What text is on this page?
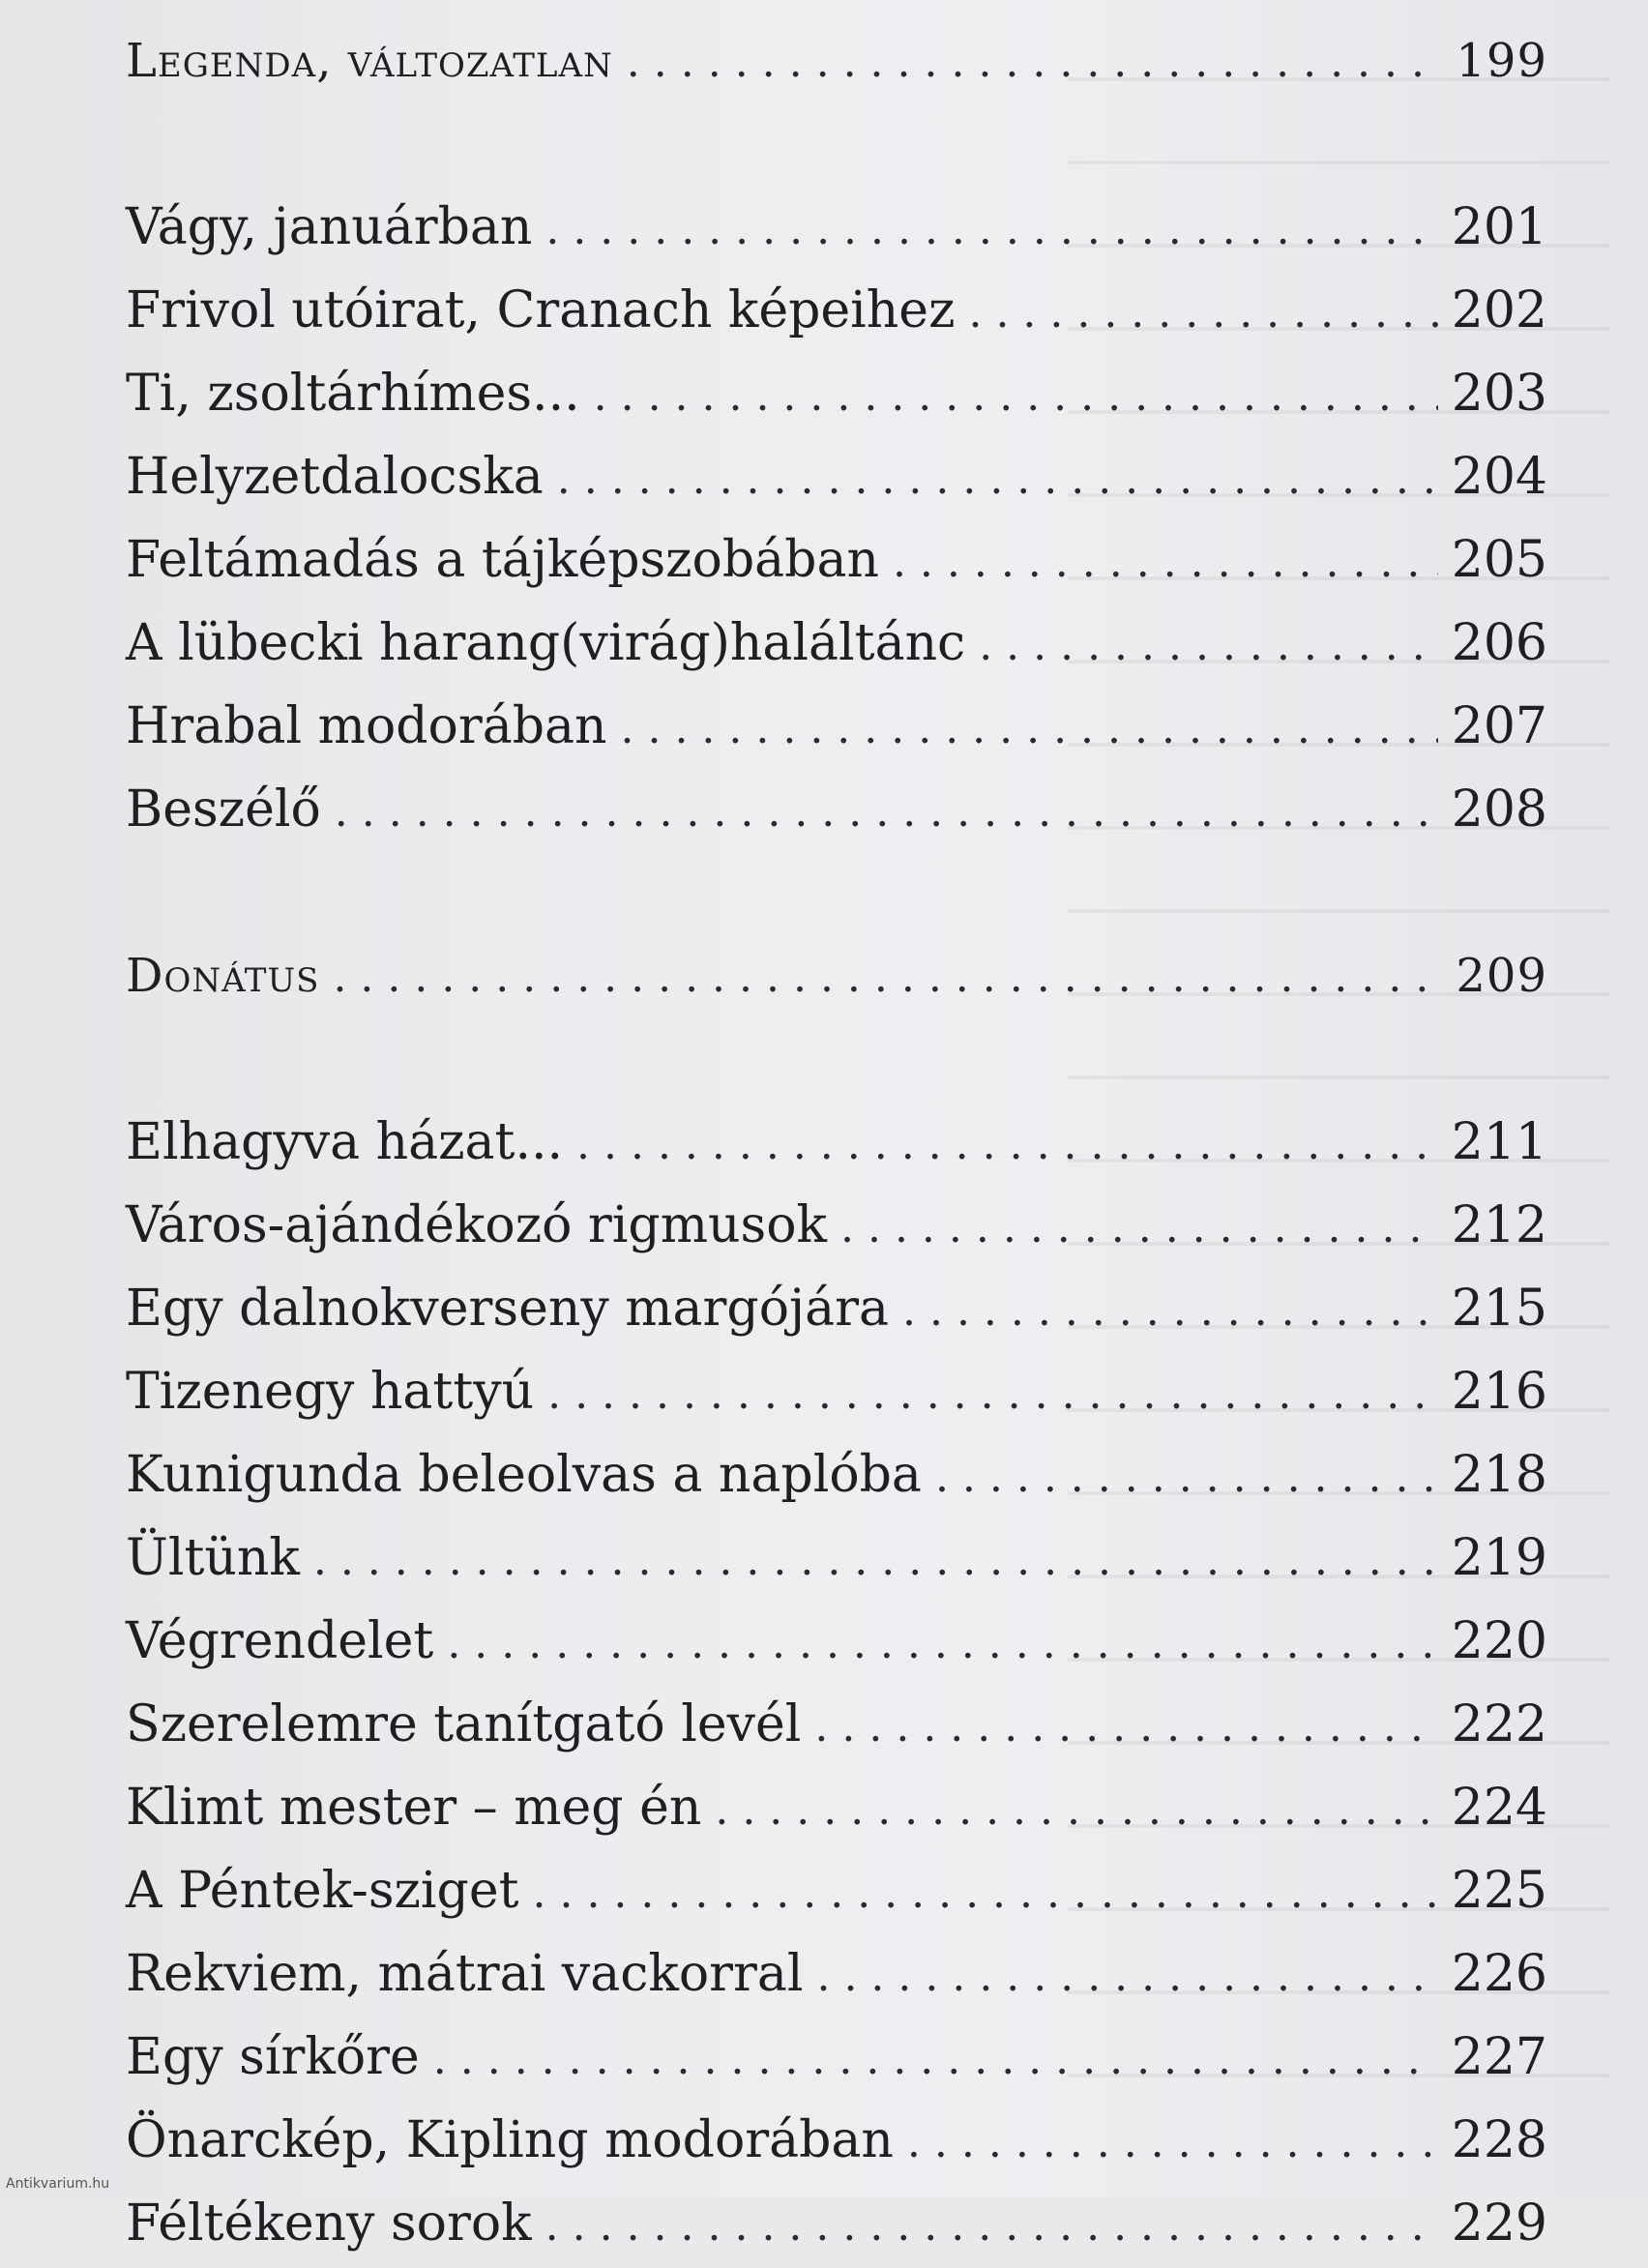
Legenda, változatlan . . .	199
Vágy, januárban . . .	201
Frivol utóirat, Cranach képeihez . . .	202
Ti, zsoltárhímes... . . .	203
Helyzetdalocska . . .	204
Feltámadás a tájképszobában . . .	205
A lübecki harang(virág)haláltánc . . .	206
Hrabal modorában . . .	207
Beszélő . . .	208
Donátus . . .	209
Elhagyva házat... . . .	211
Város-ajándékozó rigmusok . . .	212
Egy dalnokverseny margójára . . .	215
Tizenegy hattyú . . .	216
Kunigunda beleolvas a naplóba . . .	218
Ültünk . . .	219
Végrendelet . . .	220
Szerelemre tanítgató levél . . .	222
Klimt mester – meg én . . .	224
A Péntek-sziget . . .	225
Rekviem, mátrai vackorral . . .	226
Egy sírkőre . . .	227
Önarckép, Kipling modorában . . .	228
Féltékeny sorok . . .	229
Antikvarium.hu
